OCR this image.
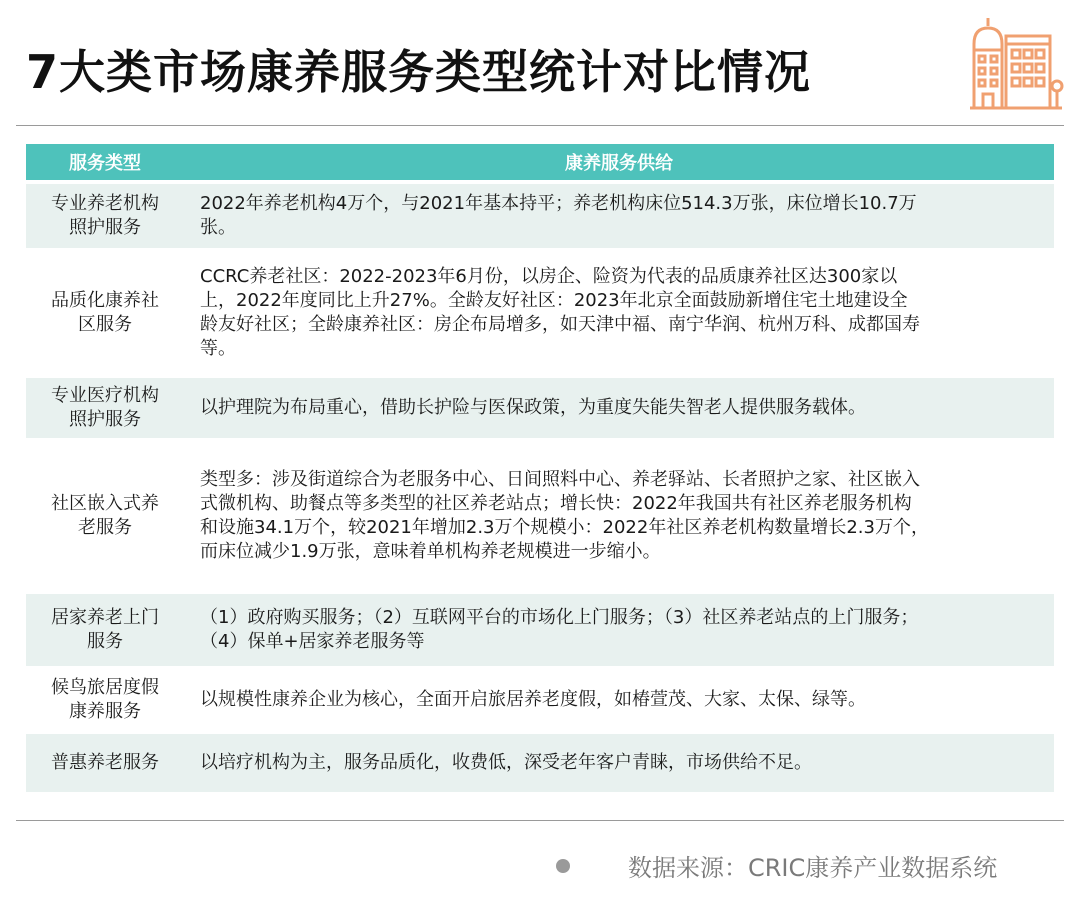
7大类市场康养服务类型统计对比情况
服务类型	康养服务供给
专业养老机构
照护服务
2022年养老机构4万个，与2021年基本持平；养老机构床位514.3万张，床位增长10.7万
张。
品质化康养社
区服务
CCRC养老社区：2022-2023年6月份，以房企、险资为代表的品质康养社区达300家以
上，2022年度同比上升27%。全龄友好社区：2023年北京全面鼓励新增住宅土地建设全
龄友好社区；全龄康养社区：房企布局增多，如天津中福、南宁华润、杭州万科、成都国寿
等。
专业医疗机构
照护服务
以护理院为布局重心，借助长护险与医保政策，为重度失能失智老人提供服务载体。
社区嵌入式养
老服务
类型多：涉及街道综合为老服务中心、日间照料中心、养老驿站、长者照护之家、社区嵌入
式微机构、助餐点等多类型的社区养老站点；增长快：2022年我国共有社区养老服务机构
和设施34.1万个，较2021年增加2.3万个规模小：2022年社区养老机构数量增长2.3万个，
而床位减少1.9万张，意味着单机构养老规模进一步缩小。
居家养老上门
服务
（1）政府购买服务；（2）互联网平台的市场化上门服务；（3）社区养老站点的上门服务；
（4）保单+居家养老服务等
候鸟旅居度假
康养服务
以规模性康养企业为核心，全面开启旅居养老度假，如椿萱茂、大家、太保、绿等。
普惠养老服务	以培疗机构为主，服务品质化，收费低，深受老年客户青睐，市场供给不足。
数据来源：CRIC康养产业数据系统
